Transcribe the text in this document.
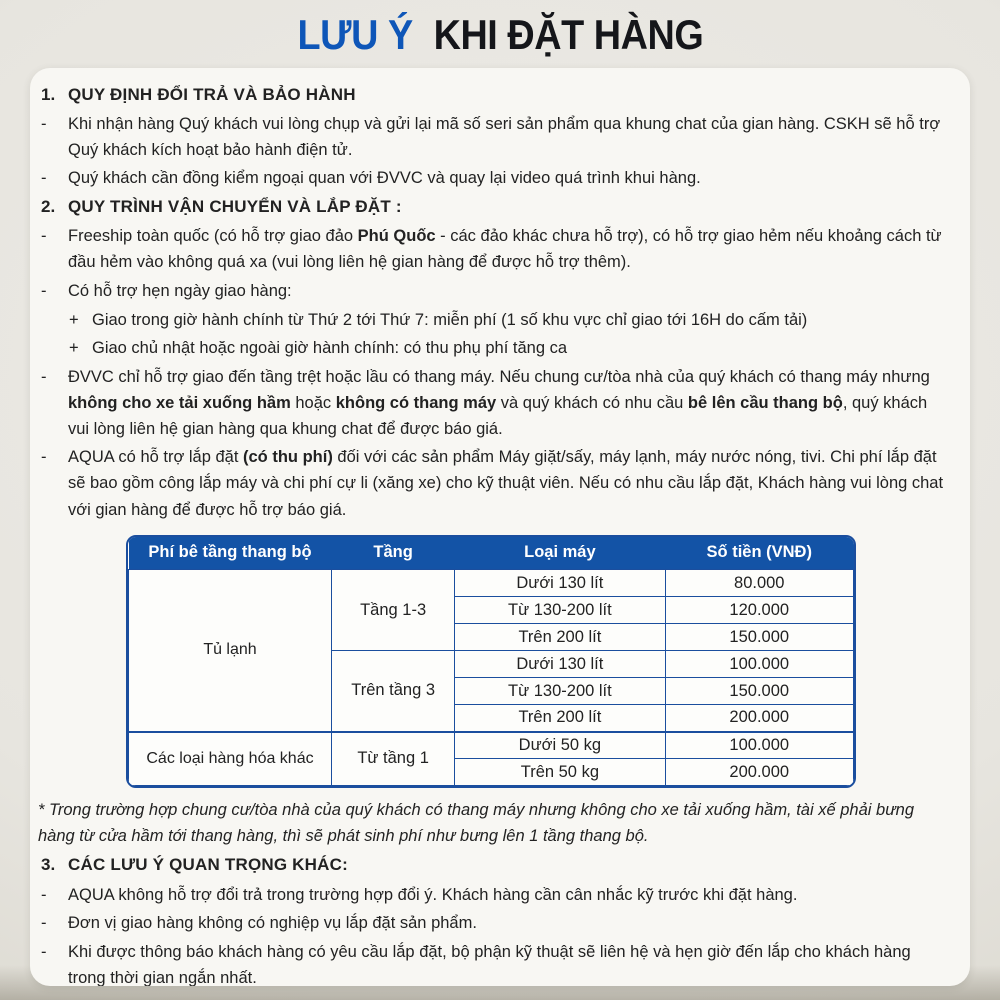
LƯU Ý KHI ĐẶT HÀNG
1. QUY ĐỊNH ĐỔI TRẢ VÀ BẢO HÀNH
-	Khi nhận hàng Quý khách vui lòng chụp và gửi lại mã số seri sản phẩm qua khung chat của gian hàng. CSKH sẽ hỗ trợ Quý khách kích hoạt bảo hành điện tử.

-	Quý khách cần đồng kiểm ngoại quan với ĐVVC và quay lại video quá trình khui hàng.

2. QUY TRÌNH VẬN CHUYỂN VÀ LẮP ĐẶT :
-	Freeship toàn quốc (có hỗ trợ giao đảo Phú Quốc - các đảo khác chưa hỗ trợ), có hỗ trợ giao hẻm nếu khoảng cách từ đầu hẻm vào không quá xa (vui lòng liên hệ gian hàng để được hỗ trợ thêm).

-	Có hỗ trợ hẹn ngày giao hàng:

+ Giao trong giờ hành chính từ Thứ 2 tới Thứ 7: miễn phí (1 số khu vực chỉ giao tới 16H do cấm tải)

+ Giao chủ nhật hoặc ngoài giờ hành chính: có thu phụ phí tăng ca

-	ĐVVC chỉ hỗ trợ giao đến tầng trệt hoặc lầu có thang máy. Nếu chung cư/tòa nhà của quý khách có thang máy nhưng không cho xe tải xuống hầm hoặc không có thang máy và quý khách có nhu cầu bê lên cầu thang bộ, quý khách vui lòng liên hệ gian hàng qua khung chat để được báo giá.

-	AQUA có hỗ trợ lắp đặt (có thu phí) đối với các sản phẩm Máy giặt/sấy, máy lạnh, máy nước nóng, tivi. Chi phí lắp đặt sẽ bao gồm công lắp máy và chi phí cự li (xăng xe) cho kỹ thuật viên. Nếu có nhu cầu lắp đặt, Khách hàng vui lòng chat với gian hàng để được hỗ trợ báo giá.

Phí bê tầng thang bộ	Tầng	Loại máy	Số tiền (VNĐ)
Tủ lạnh	Tầng 1-3	Dưới 130 lít	80.000
		Từ 130-200 lít	120.000
		Trên 200 lít	150.000
	Trên tầng 3	Dưới 130 lít	100.000
		Từ 130-200 lít	150.000
		Trên 200 lít	200.000
Các loại hàng hóa khác	Từ tầng 1	Dưới 50 kg	100.000
		Trên 50 kg	200.000

* Trong trường hợp chung cư/tòa nhà của quý khách có thang máy nhưng không cho xe tải xuống hầm, tài xế phải bưng hàng từ cửa hầm tới thang hàng, thì sẽ phát sinh phí như bưng lên 1 tầng thang bộ.

3. CÁC LƯU Ý QUAN TRỌNG KHÁC:
-	AQUA không hỗ trợ đổi trả trong trường hợp đổi ý. Khách hàng cần cân nhắc kỹ trước khi đặt hàng.

-	Đơn vị giao hàng không có nghiệp vụ lắp đặt sản phẩm.

-	Khi được thông báo khách hàng có yêu cầu lắp đặt, bộ phận kỹ thuật sẽ liên hệ và hẹn giờ đến lắp cho khách hàng trong thời gian ngắn nhất.
